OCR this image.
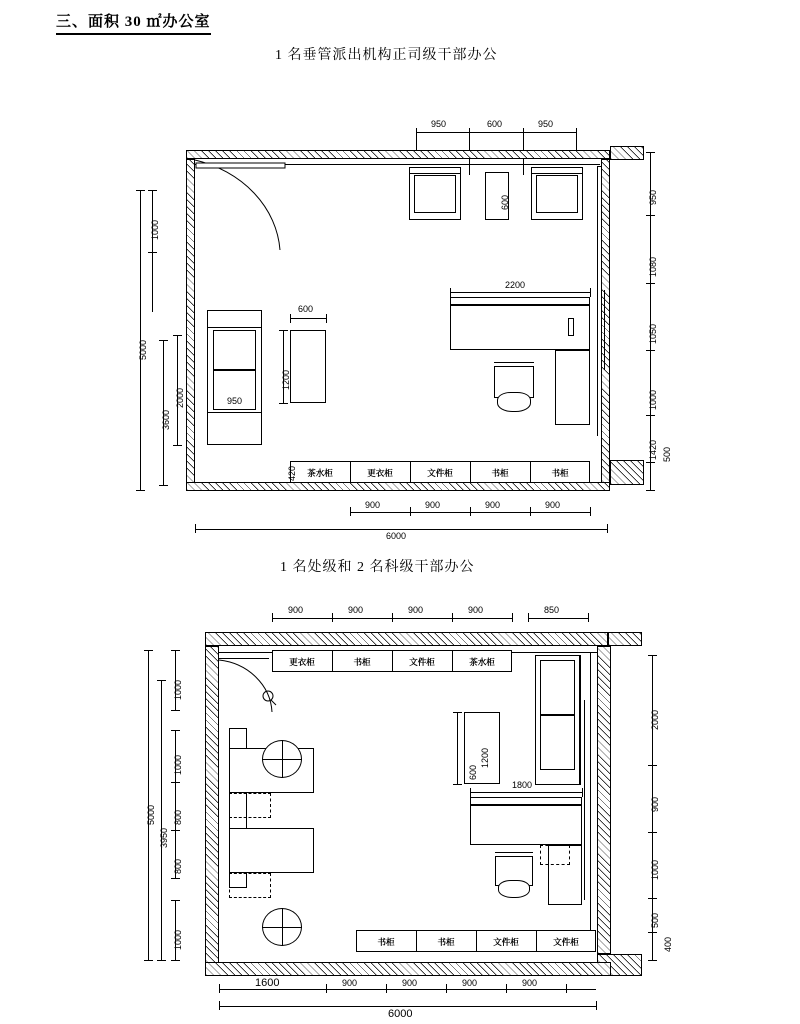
三、面积 30 ㎡办公室
1 名垂管派出机构正司级干部办公
950	600	950
1000
5000
3600
2000
950
1080
1050
1000
1420 500
600
950
600
1200
2200
茶水柜	更衣柜	文件柜	书柜	书柜
420
900	900	900	900
6000
1 名处级和 2 名科级干部办公
900	900	900	900	850
1000
1000
800
800
1000
5000
3950
2000
900
1000
500
400
更衣柜	书柜	文件柜	茶水柜
1200
600
1800
书柜	书柜	文件柜	文件柜
1600	900	900	900	900
6000
